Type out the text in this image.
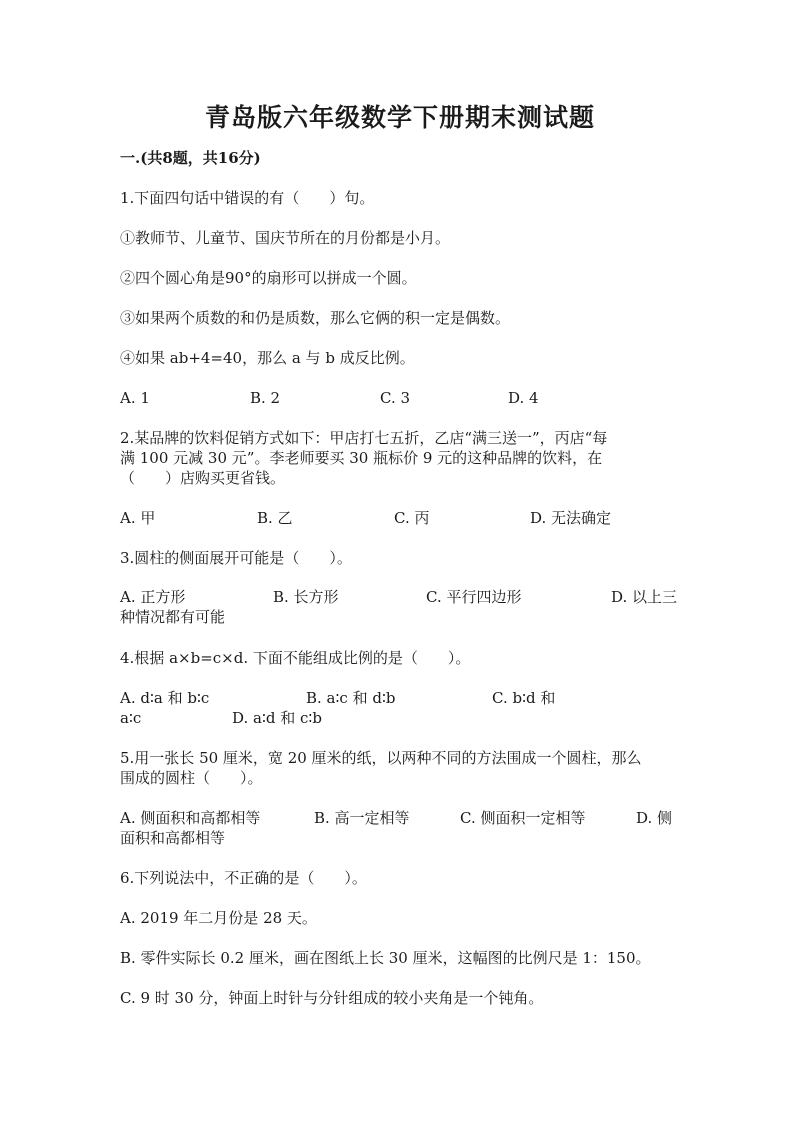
青岛版六年级数学下册期末测试题
一.(共8题，共16分)
1.下面四句话中错误的有（　　）句。
①教师节、儿童节、国庆节所在的月份都是小月。
②四个圆心角是90°的扇形可以拼成一个圆。
③如果两个质数的和仍是质数，那么它俩的积一定是偶数。
④如果 ab+4=40，那么 a 与 b 成反比例。
A. 1	B. 2	C. 3	D. 4
2.某品牌的饮料促销方式如下：甲店打七五折，乙店“满三送一”，丙店“每
满 100 元减 30 元”。李老师要买 30 瓶标价 9 元的这种品牌的饮料，在
（　　）店购买更省钱。
A. 甲	B. 乙	C. 丙	D. 无法确定
3.圆柱的侧面展开可能是（　　）。
A. 正方形	B. 长方形	C. 平行四边形	D. 以上三
种情况都有可能
4.根据 a×b=c×d. 下面不能组成比例的是（　　）。
A. d∶a 和 b∶c	B. a∶c 和 d∶b	C. b∶d 和
a∶c	D. a∶d 和 c∶b
5.用一张长 50 厘米，宽 20 厘米的纸，以两种不同的方法围成一个圆柱，那么
围成的圆柱（　　）。
A. 侧面积和高都相等	B. 高一定相等	C. 侧面积一定相等	D. 侧
面积和高都相等
6.下列说法中，不正确的是（　　）。
A. 2019 年二月份是 28 天。
B. 零件实际长 0.2 厘米，画在图纸上长 30 厘米，这幅图的比例尺是 1：150。
C. 9 时 30 分，钟面上时针与分针组成的较小夹角是一个钝角。
